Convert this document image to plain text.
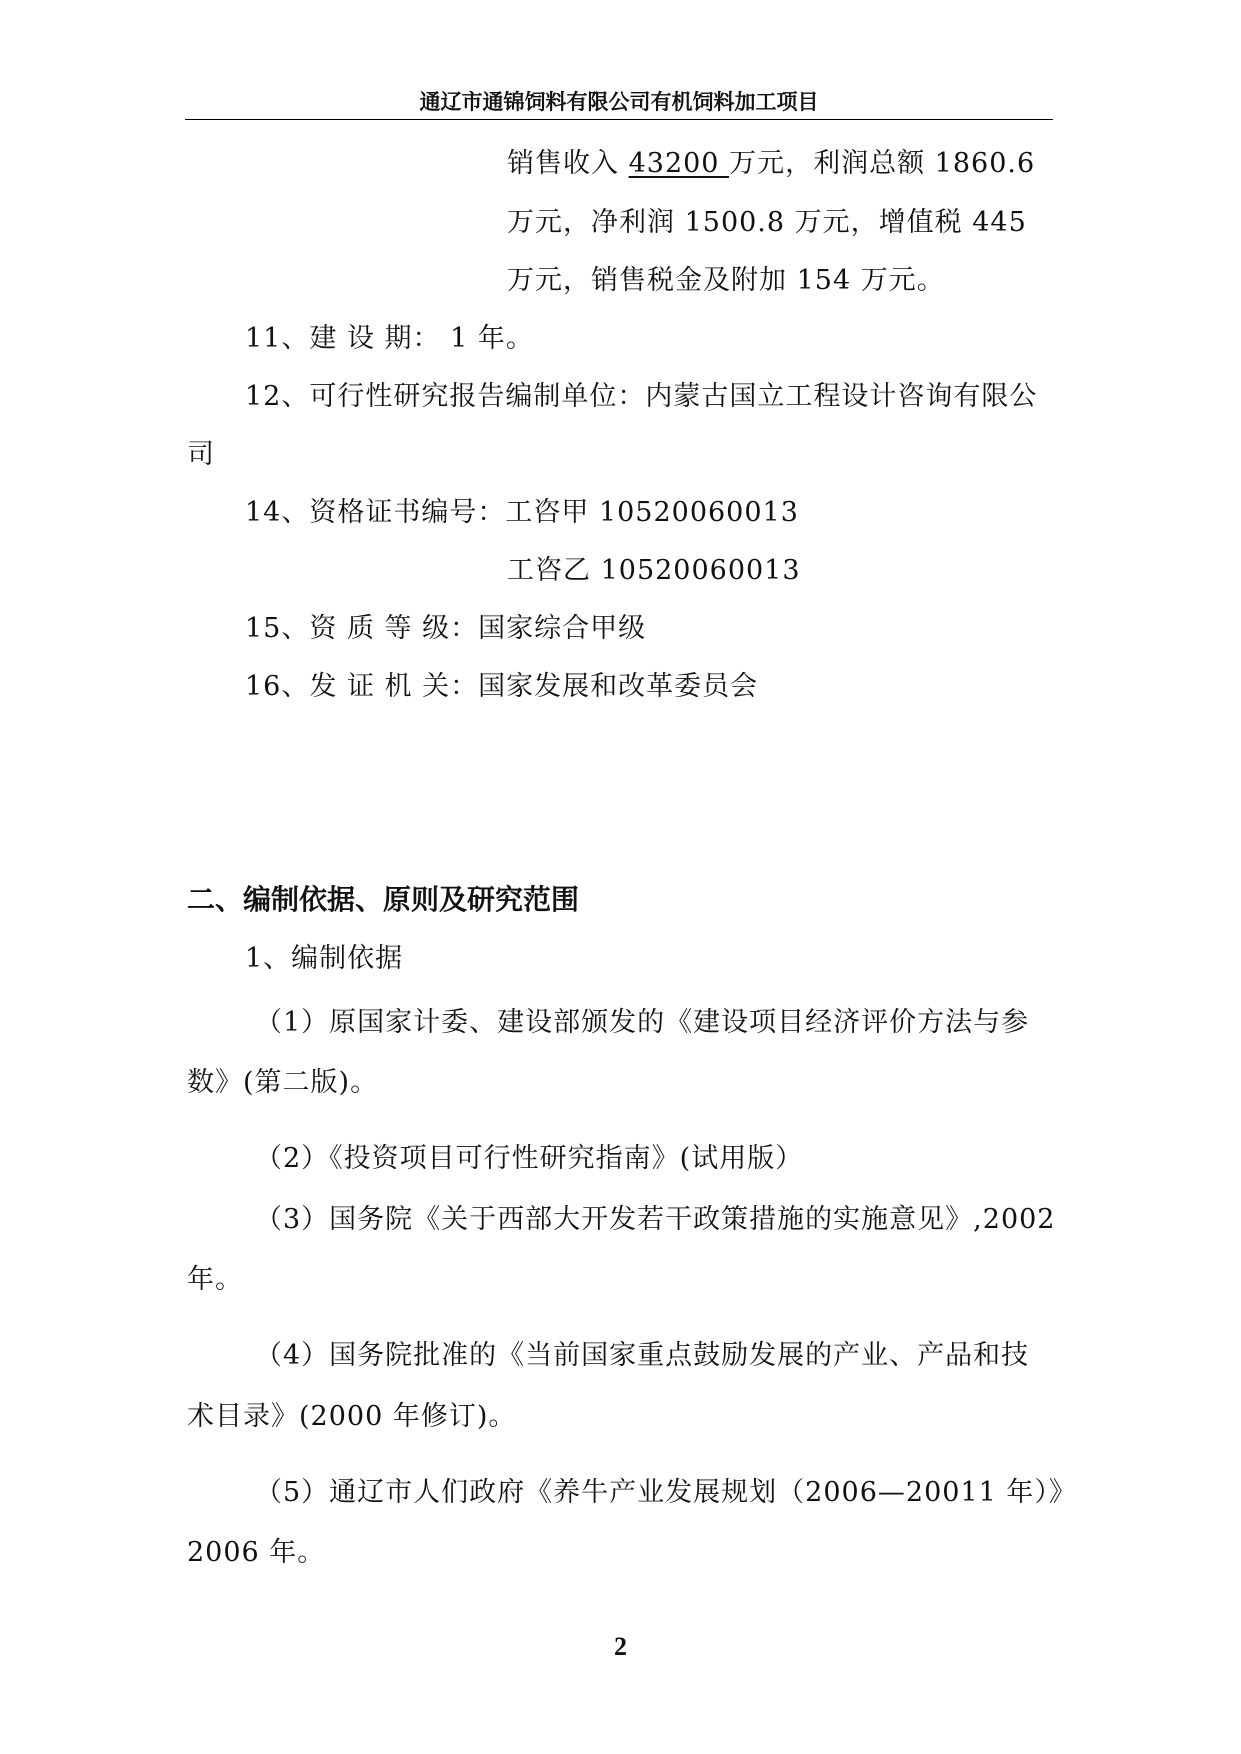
通辽市通锦饲料有限公司有机饲料加工项目
销售收入 43200 万元，利润总额 1860.6
万元，净利润 1500.8 万元，增值税 445
万元，销售税金及附加 154 万元。
11、建 设 期： 1 年。
12、可行性研究报告编制单位：内蒙古国立工程设计咨询有限公
司
14、资格证书编号：工咨甲 10520060013
工咨乙 10520060013
15、资 质 等 级：国家综合甲级
16、发 证 机 关：国家发展和改革委员会
二、编制依据、原则及研究范围
1、编制依据
（1）原国家计委、建设部颁发的《建设项目经济评价方法与参
数》(第二版)。
（2）《投资项目可行性研究指南》(试用版）
（3）国务院《关于西部大开发若干政策措施的实施意见》,2002
年。
（4）国务院批准的《当前国家重点鼓励发展的产业、产品和技
术目录》(2000 年修订)。
（5）通辽市人们政府《养牛产业发展规划（2006—20011 年）》
2006 年。
2
